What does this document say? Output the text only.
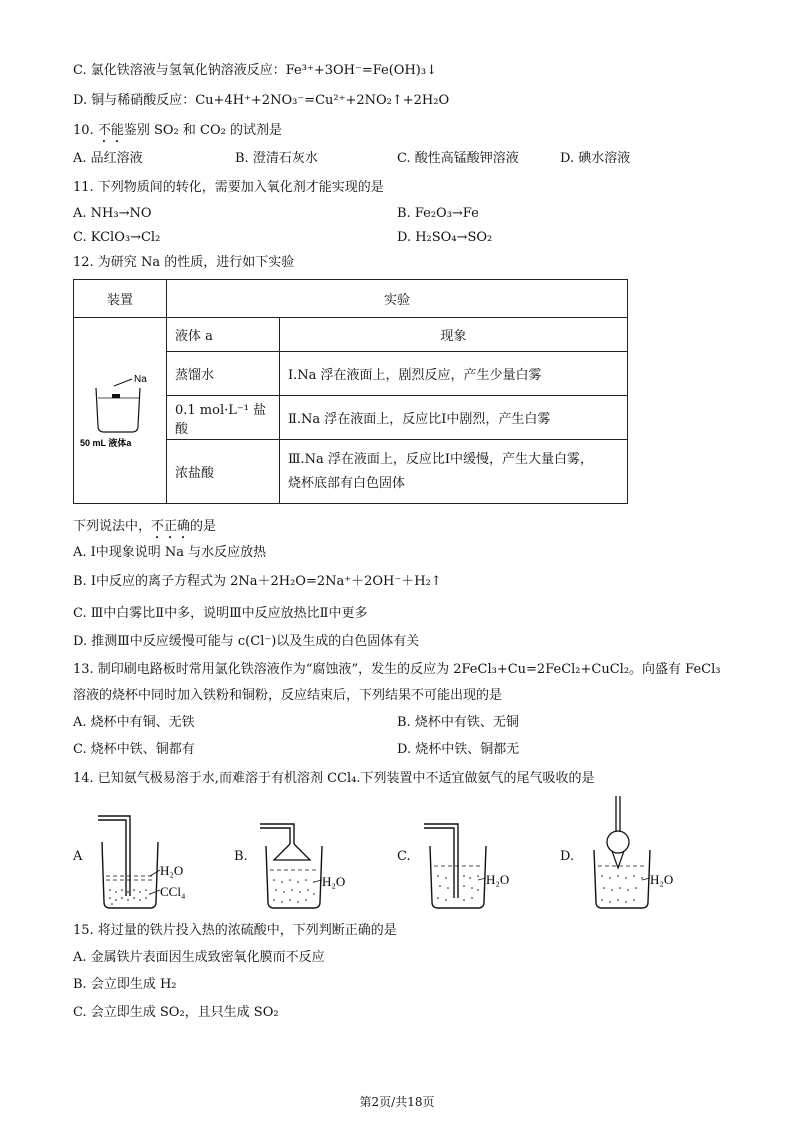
C. 氯化铁溶液与氢氧化钠溶液反应：Fe³⁺+3OH⁻=Fe(OH)₃↓
D. 铜与稀硝酸反应：Cu+4H⁺+2NO₃⁻=Cu²⁺+2NO₂↑+2H₂O
10. 不能鉴别 SO₂ 和 CO₂ 的试剂是
A. 品红溶液	B. 澄清石灰水	C. 酸性高锰酸钾溶液	D. 碘水溶液
11. 下列物质间的转化，需要加入氧化剂才能实现的是
A. NH₃→NO	B. Fe₂O₃→Fe
C. KClO₃→Cl₂	D. H₂SO₄→SO₂
12. 为研究 Na 的性质，进行如下实验
装置	实验	

Na
50 mL 液体a	液体 a	现象
	蒸馏水	Ⅰ.Na 浮在液面上，剧烈反应，产生少量白雾
	0.1 mol·L⁻¹ 盐酸	Ⅱ.Na 浮在液面上，反应比Ⅰ中剧烈，产生白雾
	浓盐酸	Ⅲ.Na 浮在液面上，反应比Ⅰ中缓慢，产生大量白雾，
烧杯底部有白色固体
下列说法中，不正确的是
A. Ⅰ中现象说明 Na 与水反应放热
B. Ⅰ中反应的离子方程式为 2Na＋2H₂O=2Na⁺＋2OH⁻＋H₂↑
C. Ⅲ中白雾比Ⅱ中多，说明Ⅲ中反应放热比Ⅱ中更多
D. 推测Ⅲ中反应缓慢可能与 c(Cl⁻)以及生成的白色固体有关
13. 制印刷电路板时常用氯化铁溶液作为“腐蚀液”，发生的反应为 2FeCl₃+Cu=2FeCl₂+CuCl₂。向盛有 FeCl₃
溶液的烧杯中同时加入铁粉和铜粉，反应结束后，下列结果不可能出现的是
A. 烧杯中有铜、无铁	B. 烧杯中有铁、无铜
C. 烧杯中铁、铜都有	D. 烧杯中铁、铜都无
14. 已知氨气极易溶于水,而难溶于有机溶剂 CCl₄.下列装置中不适宜做氨气的尾气吸收的是
A
H₂O
CCl₄
B.
H₂O
C.
H₂O
D.
H₂O
15. 将过量的铁片投入热的浓硫酸中，下列判断正确的是
A. 金属铁片表面因生成致密氧化膜而不反应
B. 会立即生成 H₂
C. 会立即生成 SO₂，且只生成 SO₂
第2页/共18页
